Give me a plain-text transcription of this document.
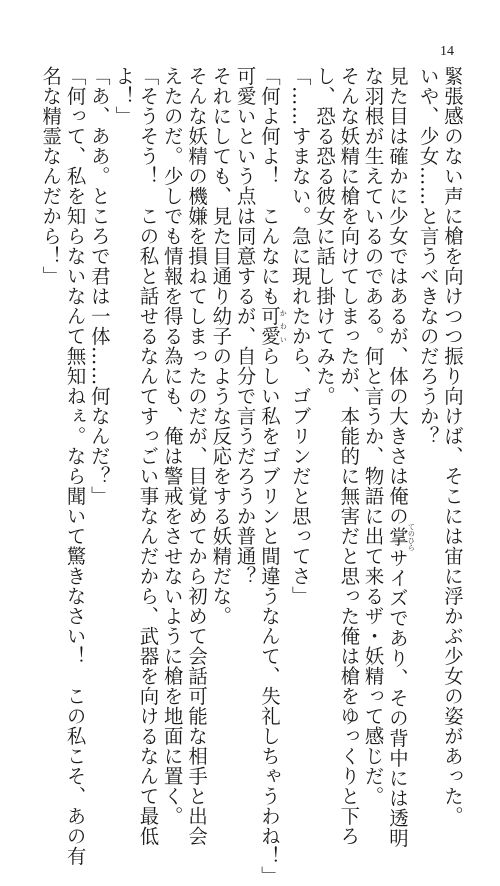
14
緊張感のない声に槍を向けつつ振り向けば、そこには宙に浮かぶ少女の姿があった。
いや、少女……と言うべきなのだろうか？
見た目は確かに少女ではあるが、体の大きさは俺の掌てのひらサイズであり、その背中には透明
な羽根が生えているのである。何と言うか、物語に出て来るザ・妖精って感じだ。
そんな妖精に槍を向けてしまったが、本能的に無害だと思った俺は槍をゆっくりと下ろ
し、恐る恐る彼女に話し掛けてみた。
「……すまない。急に現れたから、ゴブリンだと思ってさ」
「何よ何よ！　こんなにも可愛かわいらしい私をゴブリンと間違うなんて、失礼しちゃうわね！」
可愛いという点は同意するが、自分で言うだろうか普通？
それにしても、見た目通り幼子のような反応をする妖精だな。
そんな妖精の機嫌を損ねてしまったのだが、目覚めてから初めて会話可能な相手と出会
えたのだ。少しでも情報を得る為にも、俺は警戒をさせないように槍を地面に置く。
「そうそう！　この私と話せるなんてすっごい事なんだから、武器を向けるなんて最低
よ！」
「あ、ああ。ところで君は一体……何なんだ？」
「何って、私を知らないなんて無知ねぇ。なら聞いて驚きなさい！　この私こそ、あの有
名な精霊なんだから！」
